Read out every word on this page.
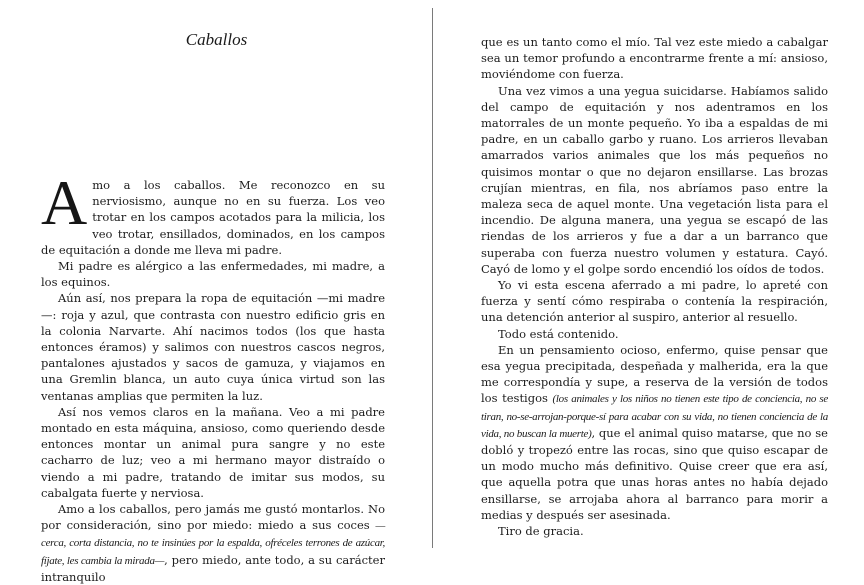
Caballos

Amo a los caballos. Me reconozco en su nerviosismo, aunque no en su fuerza. Los veo trotar en los campos acotados para la milicia, los veo trotar, ensillados, dominados, en los campos de equitación a donde me lleva mi padre.

Mi padre es alérgico a las enfermedades, mi madre, a los equinos.

Aún así, nos prepara la ropa de equitación —mi madre—: roja y azul, que contrasta con nuestro edificio gris en la colonia Narvarte. Ahí nacimos todos (los que hasta entonces éramos) y salimos con nuestros cascos negros, pantalones ajustados y sacos de gamuza, y viajamos en una Gremlin blanca, un auto cuya única virtud son las ventanas amplias que permiten la luz.

Así nos vemos claros en la mañana. Veo a mi padre montado en esta máquina, ansioso, como queriendo desde entonces montar un animal pura sangre y no este cacharro de luz; veo a mi hermano mayor distraído o viendo a mi padre, tratando de imitar sus modos, su cabalgata fuerte y nerviosa.

Amo a los caballos, pero jamás me gustó montarlos. No por consideración, sino por miedo: miedo a sus coces —cerca, corta distancia, no te insinúes por la espalda, ofréceles terrones de azúcar, fíjate, les cambia la mirada—, pero miedo, ante todo, a su carácter intranquilo

que es un tanto como el mío. Tal vez este miedo a cabalgar sea un temor profundo a encontrarme frente a mí: ansioso, moviéndome con fuerza.

Una vez vimos a una yegua suicidarse. Habíamos salido del campo de equitación y nos adentramos en los matorrales de un monte pequeño. Yo iba a espaldas de mi padre, en un caballo garbo y ruano. Los arrieros llevaban amarrados varios animales que los más pequeños no quisimos montar o que no dejaron ensillarse. Las brozas crujían mientras, en fila, nos abríamos paso entre la maleza seca de aquel monte. Una vegetación lista para el incendio. De alguna manera, una yegua se escapó de las riendas de los arrieros y fue a dar a un barranco que superaba con fuerza nuestro volumen y estatura. Cayó. Cayó de lomo y el golpe sordo encendió los oídos de todos.

Yo vi esta escena aferrado a mi padre, lo apreté con fuerza y sentí cómo respiraba o contenía la respiración, una detención anterior al suspiro, anterior al resuello.

Todo está contenido.

En un pensamiento ocioso, enfermo, quise pensar que esa yegua precipitada, despeñada y malherida, era la que me correspondía y supe, a reserva de la versión de todos los testigos (los animales y los niños no tienen este tipo de conciencia, no se tiran, no-se-arrojan-porque-sí para acabar con su vida, no tienen conciencia de la vida, no buscan la muerte), que el animal quiso matarse, que no se dobló y tropezó entre las rocas, sino que quiso escapar de un modo mucho más definitivo. Quise creer que era así, que aquella potra que unas horas antes no había dejado ensillarse, se arrojaba ahora al barranco para morir a medias y después ser asesinada.

Tiro de gracia.
